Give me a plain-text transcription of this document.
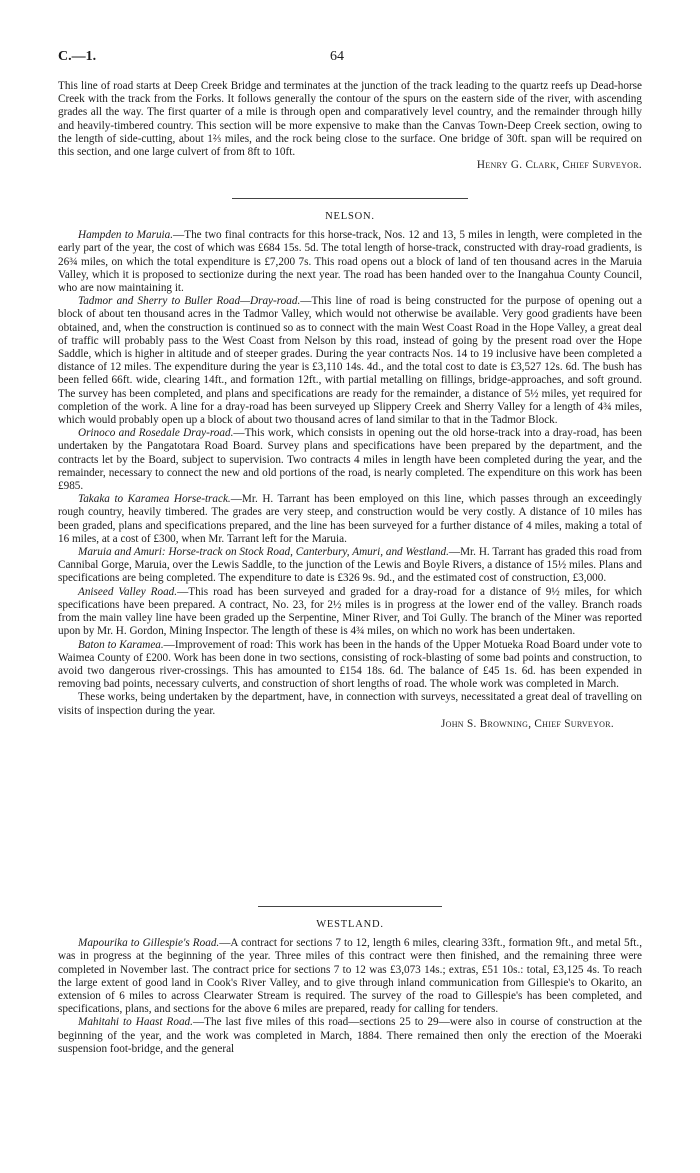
C.—1.	64

This line of road starts at Deep Creek Bridge and terminates at the junction of the track leading to the quartz reefs up Dead-horse Creek with the track from the Forks. It follows generally the contour of the spurs on the eastern side of the river, with ascending grades all the way. The first quarter of a mile is through open and comparatively level country, and the remainder through hilly and heavily-timbered country. This section will be more expensive to make than the Canvas Town-Deep Creek section, owing to the length of side-cutting, about 1⅔ miles, and the rock being close to the surface. One bridge of 30ft. span will be required on this section, and one large culvert of from 8ft to 10ft.

Henry G. Clark, Chief Surveyor.

NELSON.

Hampden to Maruia.—The two final contracts for this horse-track, Nos. 12 and 13, 5 miles in length, were completed in the early part of the year, the cost of which was £684 15s. 5d. The total length of horse-track, constructed with dray-road gradients, is 26¾ miles, on which the total expenditure is £7,200 7s. This road opens out a block of land of ten thousand acres in the Maruia Valley, which it is proposed to sectionize during the next year. The road has been handed over to the Inangahua County Council, who are now maintaining it.

Tadmor and Sherry to Buller Road—Dray-road.—This line of road is being constructed for the purpose of opening out a block of about ten thousand acres in the Tadmor Valley, which would not otherwise be available. Very good gradients have been obtained, and, when the construction is continued so as to connect with the main West Coast Road in the Hope Valley, a great deal of traffic will probably pass to the West Coast from Nelson by this road, instead of going by the present road over the Hope Saddle, which is higher in altitude and of steeper grades. During the year contracts Nos. 14 to 19 inclusive have been completed a distance of 12 miles. The expenditure during the year is £3,110 14s. 4d., and the total cost to date is £3,527 12s. 6d. The bush has been felled 66ft. wide, clearing 14ft., and formation 12ft., with partial metalling on fillings, bridge-approaches, and soft ground. The survey has been completed, and plans and specifications are ready for the remainder, a distance of 5½ miles, yet required for completion of the work. A line for a dray-road has been surveyed up Slippery Creek and Sherry Valley for a length of 4¾ miles, which would probably open up a block of about two thousand acres of land similar to that in the Tadmor Block.

Orinoco and Rosedale Dray-road.—This work, which consists in opening out the old horse-track into a dray-road, has been undertaken by the Pangatotara Road Board. Survey plans and specifications have been prepared by the department, and the contracts let by the Board, subject to supervision. Two contracts 4 miles in length have been completed during the year, and the remainder, necessary to connect the new and old portions of the road, is nearly completed. The expenditure on this work has been £985.

Takaka to Karamea Horse-track.—Mr. H. Tarrant has been employed on this line, which passes through an exceedingly rough country, heavily timbered. The grades are very steep, and construction would be very costly. A distance of 10 miles has been graded, plans and specifications prepared, and the line has been surveyed for a further distance of 4 miles, making a total of 16 miles, at a cost of £300, when Mr. Tarrant left for the Maruia.

Maruia and Amuri: Horse-track on Stock Road, Canterbury, Amuri, and Westland.—Mr. H. Tarrant has graded this road from Cannibal Gorge, Maruia, over the Lewis Saddle, to the junction of the Lewis and Boyle Rivers, a distance of 15½ miles. Plans and specifications are being completed. The expenditure to date is £326 9s. 9d., and the estimated cost of construction, £3,000.

Aniseed Valley Road.—This road has been surveyed and graded for a dray-road for a distance of 9½ miles, for which specifications have been prepared. A contract, No. 23, for 2½ miles is in progress at the lower end of the valley. Branch roads from the main valley line have been graded up the Serpentine, Miner River, and Toi Gully. The branch of the Miner was reported upon by Mr. H. Gordon, Mining Inspector. The length of these is 4¾ miles, on which no work has been undertaken.

Baton to Karamea.—Improvement of road: This work has been in the hands of the Upper Motueka Road Board under vote to Waimea County of £200. Work has been done in two sections, consisting of rock-blasting of some bad points and construction, to avoid two dangerous river-crossings. This has amounted to £154 18s. 6d. The balance of £45 1s. 6d. has been expended in removing bad points, necessary culverts, and construction of short lengths of road. The whole work was completed in March.

These works, being undertaken by the department, have, in connection with surveys, necessitated a great deal of travelling on visits of inspection during the year.

John S. Browning, Chief Surveyor.

WESTLAND.

Mapourika to Gillespie's Road.—A contract for sections 7 to 12, length 6 miles, clearing 33ft., formation 9ft., and metal 5ft., was in progress at the beginning of the year. Three miles of this contract were then finished, and the remaining three were completed in November last. The contract price for sections 7 to 12 was £3,073 14s.; extras, £51 10s.: total, £3,125 4s. To reach the large extent of good land in Cook's River Valley, and to give through inland communication from Gillespie's to Okarito, an extension of 6 miles to across Clearwater Stream is required. The survey of the road to Gillespie's has been completed, and specifications, plans, and sections for the above 6 miles are prepared, ready for calling for tenders.

Mahitahi to Haast Road.—The last five miles of this road—sections 25 to 29—were also in course of construction at the beginning of the year, and the work was completed in March, 1884. There remained then only the erection of the Moeraki suspension foot-bridge, and the general
